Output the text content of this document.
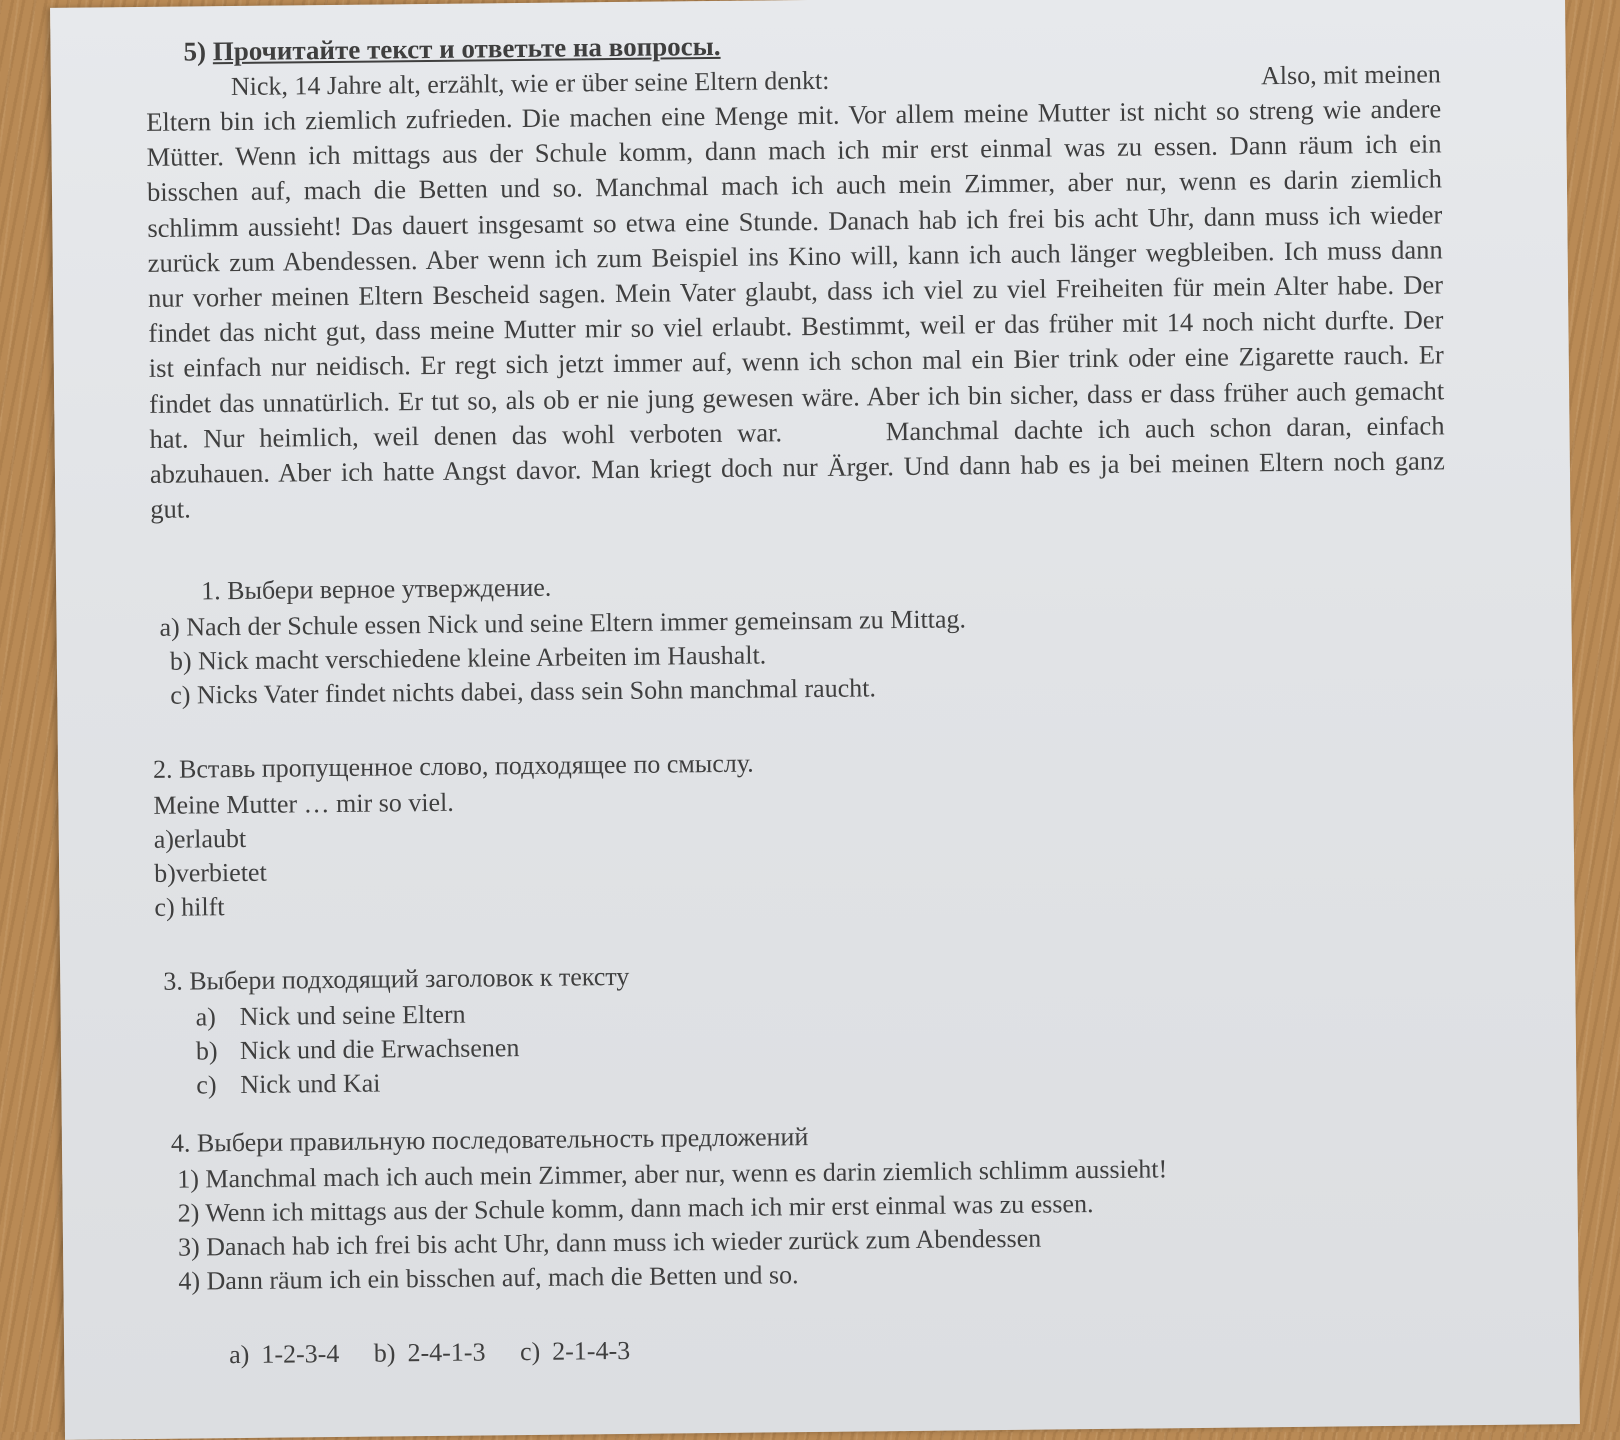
5) Прочитайте текст и ответьте на вопросы.
Nick, 14 Jahre alt, erzählt, wie er über seine Eltern denkt:	Also, mit meinen

Eltern bin ich ziemlich zufrieden. Die machen eine Menge mit. Vor allem meine Mutter ist nicht so streng wie andere Mütter. Wenn ich mittags aus der Schule komm, dann mach ich mir erst einmal was zu essen. Dann räum ich ein bisschen auf, mach die Betten und so. Manchmal mach ich auch mein Zimmer, aber nur, wenn es darin ziemlich schlimm aussieht! Das dauert insgesamt so etwa eine Stunde. Danach hab ich frei bis acht Uhr, dann muss ich wieder zurück zum Abendessen. Aber wenn ich zum Beispiel ins Kino will, kann ich auch länger wegbleiben. Ich muss dann nur vorher meinen Eltern Bescheid sagen. Mein Vater glaubt, dass ich viel zu viel Freiheiten für mein Alter habe. Der findet das nicht gut, dass meine Mutter mir so viel erlaubt. Bestimmt, weil er das früher mit 14 noch nicht durfte. Der ist einfach nur neidisch. Er regt sich jetzt immer auf, wenn ich schon mal ein Bier trink oder eine Zigarette rauch. Er findet das unnatürlich. Er tut so, als ob er nie jung gewesen wäre. Aber ich bin sicher, dass er dass früher auch gemacht hat. Nur heimlich, weil denen das wohl verboten war.	Manchmal dachte ich auch schon daran, einfach abzuhauen. Aber ich hatte Angst davor. Man kriegt doch nur Ärger. Und dann hab es ja bei meinen Eltern noch ganz gut.

1. Выбери верное утверждение.
a) Nach der Schule essen Nick und seine Eltern immer gemeinsam zu Mittag.
b) Nick macht verschiedene kleine Arbeiten im Haushalt.
c) Nicks Vater findet nichts dabei, dass sein Sohn manchmal raucht.
2. Вставь пропущенное слово, подходящее по смыслу.
Meine Mutter … mir so viel.
a)erlaubt
b)verbietet
c) hilft
3. Выбери подходящий заголовок к тексту
a) Nick und seine Eltern
b) Nick und die Erwachsenen
c) Nick und Kai
4. Выбери правильную последовательность предложений
1) Manchmal mach ich auch mein Zimmer, aber nur, wenn es darin ziemlich schlimm aussieht!
2) Wenn ich mittags aus der Schule komm, dann mach ich mir erst einmal was zu essen.
3) Danach hab ich frei bis acht Uhr, dann muss ich wieder zurück zum Abendessen
4) Dann räum ich ein bisschen auf, mach die Betten und so.
a) 1-2-3-4 b) 2-4-1-3 c) 2-1-4-3
